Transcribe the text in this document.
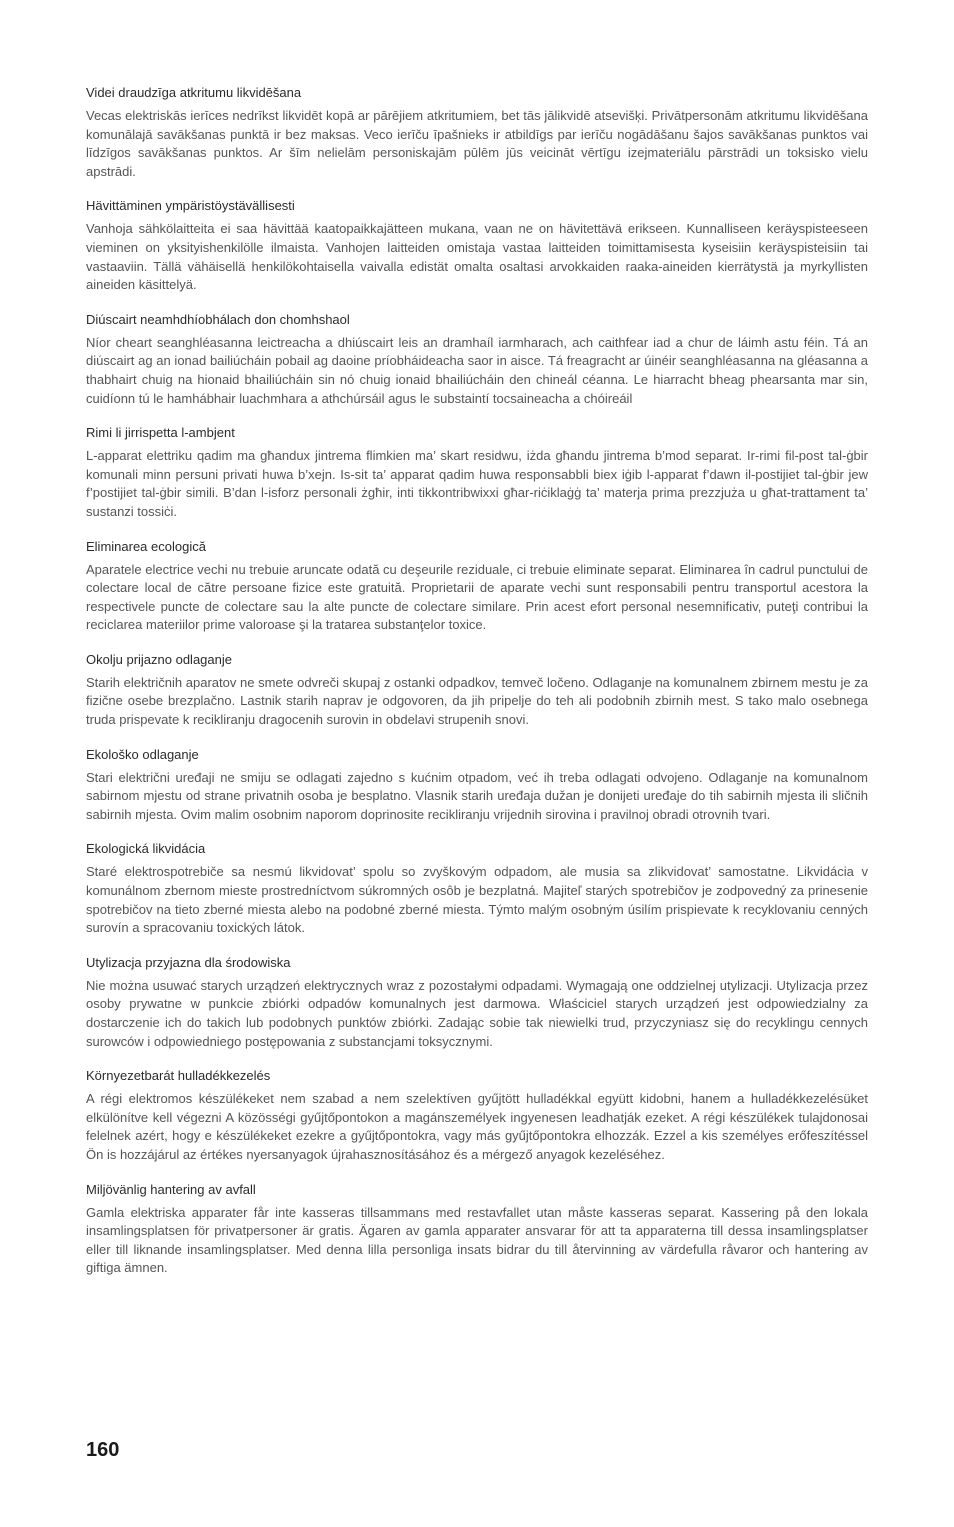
Videi draudzīga atkritumu likvidēšana

Vecas elektriskās ierīces nedrīkst likvidēt kopā ar pārējiem atkritumiem, bet tās jālikvidē atsevišķi. Privātpersonām atkritumu likvidēšana komunālajā savākšanas punktā ir bez maksas. Veco ierīču īpašnieks ir atbildīgs par ierīču nogādāšanu šajos savākšanas punktos vai līdzīgos savākšanas punktos. Ar šīm nelielām personiskajām pūlēm jūs veicināt vērtīgu izejmateriālu pārstrādi un toksisko vielu apstrādi.

Hävittäminen ympäristöystävällisesti

Vanhoja sähkölaitteita ei saa hävittää kaatopaikkajätteen mukana, vaan ne on hävitettävä erikseen. Kunnalliseen keräyspisteeseen vieminen on yksityishenkilölle ilmaista. Vanhojen laitteiden omistaja vastaa laitteiden toimittamisesta kyseisiin keräyspisteisiin tai vastaaviin. Tällä vähäisellä henkilökohtaisella vaivalla edistät omalta osaltasi arvokkaiden raaka-aineiden kierrätystä ja myrkyllisten aineiden käsittelyä.

Diúscairt neamhdhíobhálach don chomhshaol

Níor cheart seanghléasanna leictreacha a dhiúscairt leis an dramhaíl iarmharach, ach caithfear iad a chur de láimh astu féin. Tá an diúscairt ag an ionad bailiúcháin pobail ag daoine príobháideacha saor in aisce. Tá freagracht ar úinéir seanghléasanna na gléasanna a thabhairt chuig na hionaid bhailiúcháin sin nó chuig ionaid bhailiúcháin den chineál céanna. Le hiarracht bheag phearsanta mar sin, cuidíonn tú le hamhábhair luachmhara a athchúrsáil agus le substaintí tocsaineacha a chóireáil

Rimi li jirrispetta l-ambjent

L-apparat elettriku qadim ma għandux jintrema flimkien ma’ skart residwu, iżda għandu jintrema b’mod separat. Ir-rimi fil-post tal-ġbir komunali minn persuni privati huwa b’xejn. Is-sit ta’ apparat qadim huwa responsabbli biex iġib l-apparat f’dawn il-postijiet tal-ġbir jew f’postijiet tal-ġbir simili. B’dan l-isforz personali żgħir, inti tikkontribwixxi għar-riċiklaġġ ta’ materja prima prezzjuża u għat-trattament ta’ sustanzi tossiċi.

Eliminarea ecologică

Aparatele electrice vechi nu trebuie aruncate odată cu deşeurile reziduale, ci trebuie eliminate separat. Eliminarea în cadrul punctului de colectare local de către persoane fizice este gratuită. Proprietarii de aparate vechi sunt responsabili pentru transportul acestora la respectivele puncte de colectare sau la alte puncte de colectare similare. Prin acest efort personal nesemnificativ, puteţi contribui la reciclarea materiilor prime valoroase şi la tratarea substanţelor toxice.

Okolju prijazno odlaganje

Starih električnih aparatov ne smete odvreči skupaj z ostanki odpadkov, temveč ločeno. Odlaganje na komunalnem zbirnem mestu je za fizične osebe brezplačno. Lastnik starih naprav je odgovoren, da jih pripelje do teh ali podobnih zbirnih mest. S tako malo osebnega truda prispevate k recikliranju dragocenih surovin in obdelavi strupenih snovi.

Ekološko odlaganje

Stari električni uređaji ne smiju se odlagati zajedno s kućnim otpadom, već ih treba odlagati odvojeno. Odlaganje na komunalnom sabirnom mjestu od strane privatnih osoba je besplatno. Vlasnik starih uređaja dužan je donijeti uređaje do tih sabirnih mjesta ili sličnih sabirnih mjesta. Ovim malim osobnim naporom doprinosite recikliranju vrijednih sirovina i pravilnoj obradi otrovnih tvari.

Ekologická likvidácia

Staré elektrospotrebiče sa nesmú likvidovat’ spolu so zvyškovým odpadom, ale musia sa zlikvidovat’ samostatne. Likvidácia v komunálnom zbernom mieste prostredníctvom súkromných osôb je bezplatná. Majiteľ starých spotrebičov je zodpovedný za prinesenie spotrebičov na tieto zberné miesta alebo na podobné zberné miesta. Týmto malým osobným úsilím prispievate k recyklovaniu cenných surovín a spracovaniu toxických látok.

Utylizacja przyjazna dla środowiska

Nie można usuwać starych urządzeń elektrycznych wraz z pozostałymi odpadami. Wymagają one oddzielnej utylizacji. Utylizacja przez osoby prywatne w punkcie zbiórki odpadów komunalnych jest darmowa. Właściciel starych urządzeń jest odpowiedzialny za dostarczenie ich do takich lub podobnych punktów zbiórki. Zadając sobie tak niewielki trud, przyczyniasz się do recyklingu cennych surowców i odpowiedniego postępowania z substancjami toksycznymi.

Környezetbarát hulladékkezelés

A régi elektromos készülékeket nem szabad a nem szelektíven gyűjtött hulladékkal együtt kidobni, hanem a hulladékkezelésüket elkülönítve kell végezni A közösségi gyűjtőpontokon a magánszemélyek ingyenesen leadhatják ezeket. A régi készülékek tulajdonosai felelnek azért, hogy e készülékeket ezekre a gyűjtőpontokra, vagy más gyűjtőpontokra elhozzák. Ezzel a kis személyes erőfeszítéssel Ön is hozzájárul az értékes nyersanyagok újrahasznosításához és a mérgező anyagok kezeléséhez.

Miljövänlig hantering av avfall

Gamla elektriska apparater får inte kasseras tillsammans med restavfallet utan måste kasseras separat. Kassering på den lokala insamlingsplatsen för privatpersoner är gratis. Ägaren av gamla apparater ansvarar för att ta apparaterna till dessa insamlingsplatser eller till liknande insamlingsplatser. Med denna lilla personliga insats bidrar du till återvinning av värdefulla råvaror och hantering av giftiga ämnen.

160
